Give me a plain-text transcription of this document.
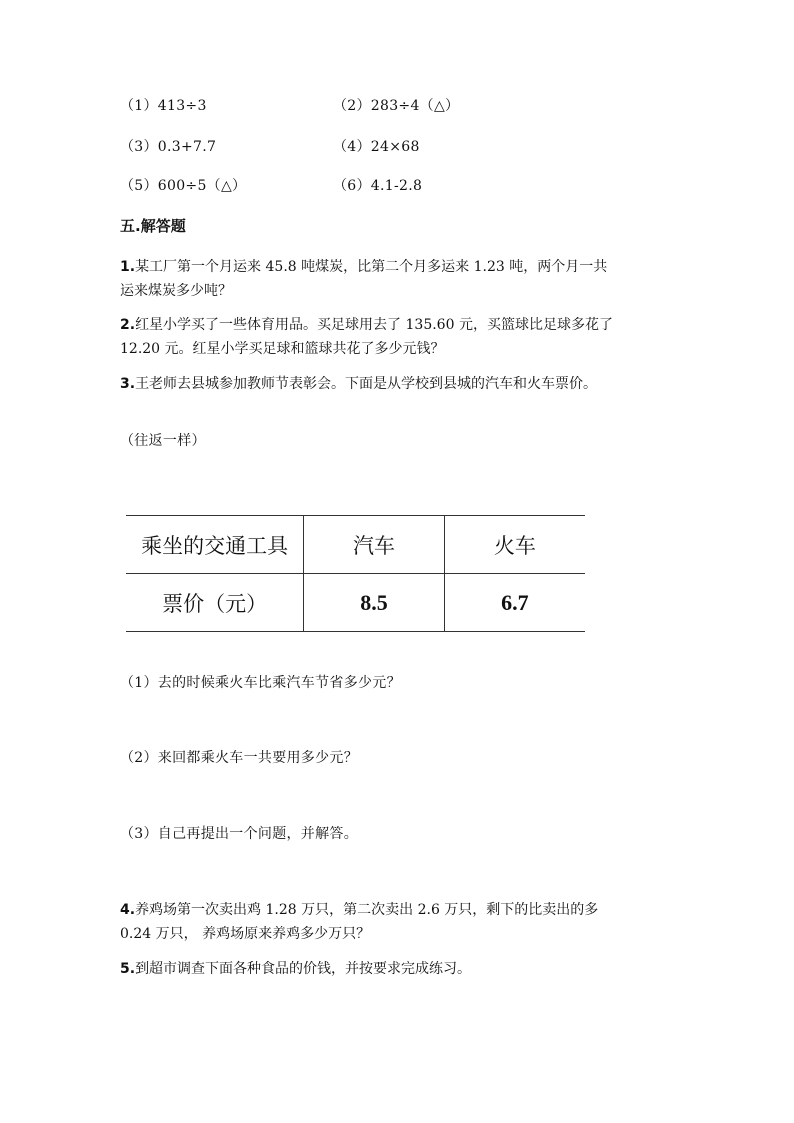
（1）413÷3	（2）283÷4（△）
（3）0.3+7.7	（4）24×68
（5）600÷5（△）	（6）4.1-2.8
五.解答题
1.某工厂第一个月运来 45.8 吨煤炭，比第二个月多运来 1.23 吨，两个月一共
运来煤炭多少吨？
2.红星小学买了一些体育用品。买足球用去了 135.60 元，买篮球比足球多花了
12.20 元。红星小学买足球和篮球共花了多少元钱？
3.王老师去县城参加教师节表彰会。下面是从学校到县城的汽车和火车票价。
（往返一样）
乘坐的交通工具	汽车	火车
票价（元）	8.5	6.7
（1）去的时候乘火车比乘汽车节省多少元？
（2）来回都乘火车一共要用多少元？
（3）自己再提出一个问题，并解答。
4.养鸡场第一次卖出鸡 1.28 万只，第二次卖出 2.6 万只，剩下的比卖出的多
0.24 万只， 养鸡场原来养鸡多少万只？
5.到超市调查下面各种食品的价钱，并按要求完成练习。
